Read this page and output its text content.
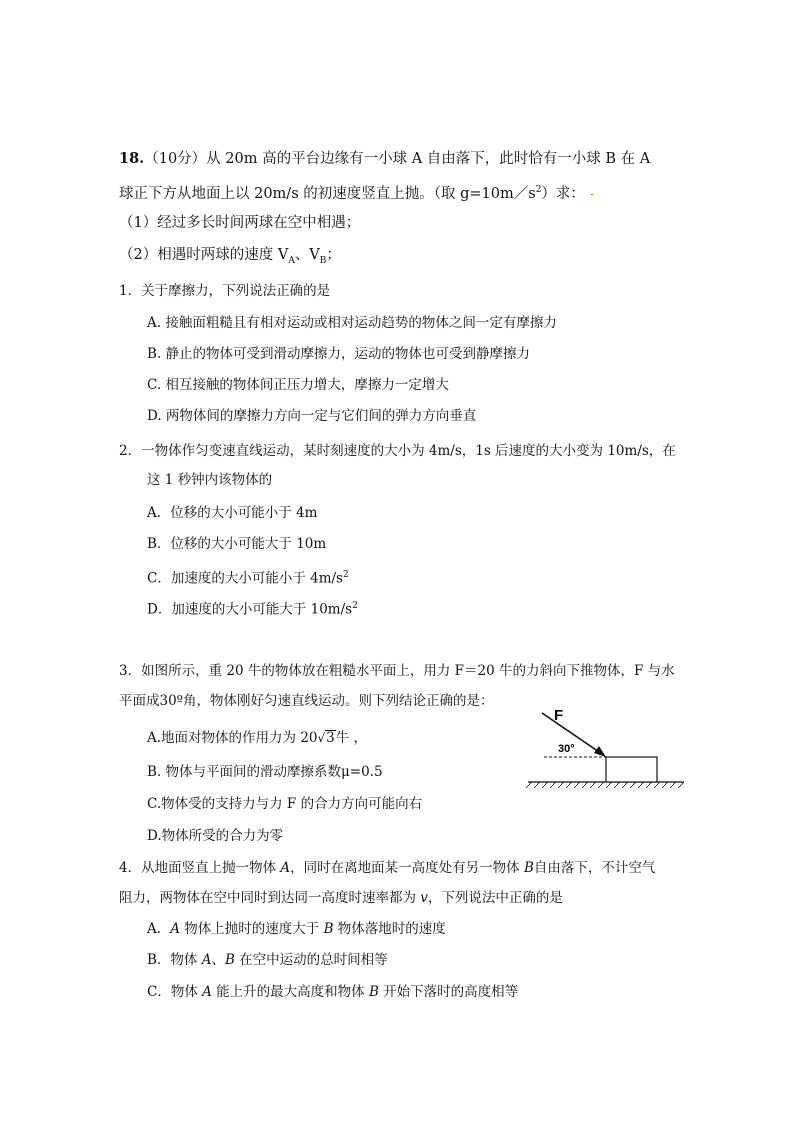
18.（10分）从 20m 高的平台边缘有一小球 A 自由落下，此时恰有一小球 B 在 A
球正下方从地面上以 20m/s 的初速度竖直上抛。（取 $g=10m/s^2$）求： -
（1）经过多长时间两球在空中相遇；
（2）相遇时两球的速度 $V_A$、$V_B$；
1．关于摩擦力，下列说法正确的是
A. 接触面粗糙且有相对运动或相对运动趋势的物体之间一定有摩擦力
B. 静止的物体可受到滑动摩擦力，运动的物体也可受到静摩擦力
C. 相互接触的物体间正压力增大，摩擦力一定增大
D. 两物体间的摩擦力方向一定与它们间的弹力方向垂直
2．一物体作匀变速直线运动，某时刻速度的大小为 4m/s，1s 后速度的大小变为 10m/s，在
这 1 秒钟内该物体的
A．位移的大小可能小于 4m
B．位移的大小可能大于 10m
C．加速度的大小可能小于 $4m/s^2$
D．加速度的大小可能大于 $10m/s^2$
3．如图所示，重 20 牛的物体放在粗糙水平面上，用力 F＝20 牛的力斜向下推物体，F 与水
平面成30º角，物体刚好匀速直线运动。则下列结论正确的是：
A.地面对物体的作用力为 20√3牛 ，
B. 物体与平面间的滑动摩擦系数μ=0.5
C.物体受的支持力与力 F 的合力方向可能向右
D.物体所受的合力为零
F
30°
4．从地面竖直上抛一物体 A，同时在离地面某一高度处有另一物体 B自由落下，不计空气
阻力，两物体在空中同时到达同一高度时速率都为 v，下列说法中正确的是
A．A 物体上抛时的速度大于 B 物体落地时的速度
B．物体 A、B 在空中运动的总时间相等
C．物体 A 能上升的最大高度和物体 B 开始下落时的高度相等
